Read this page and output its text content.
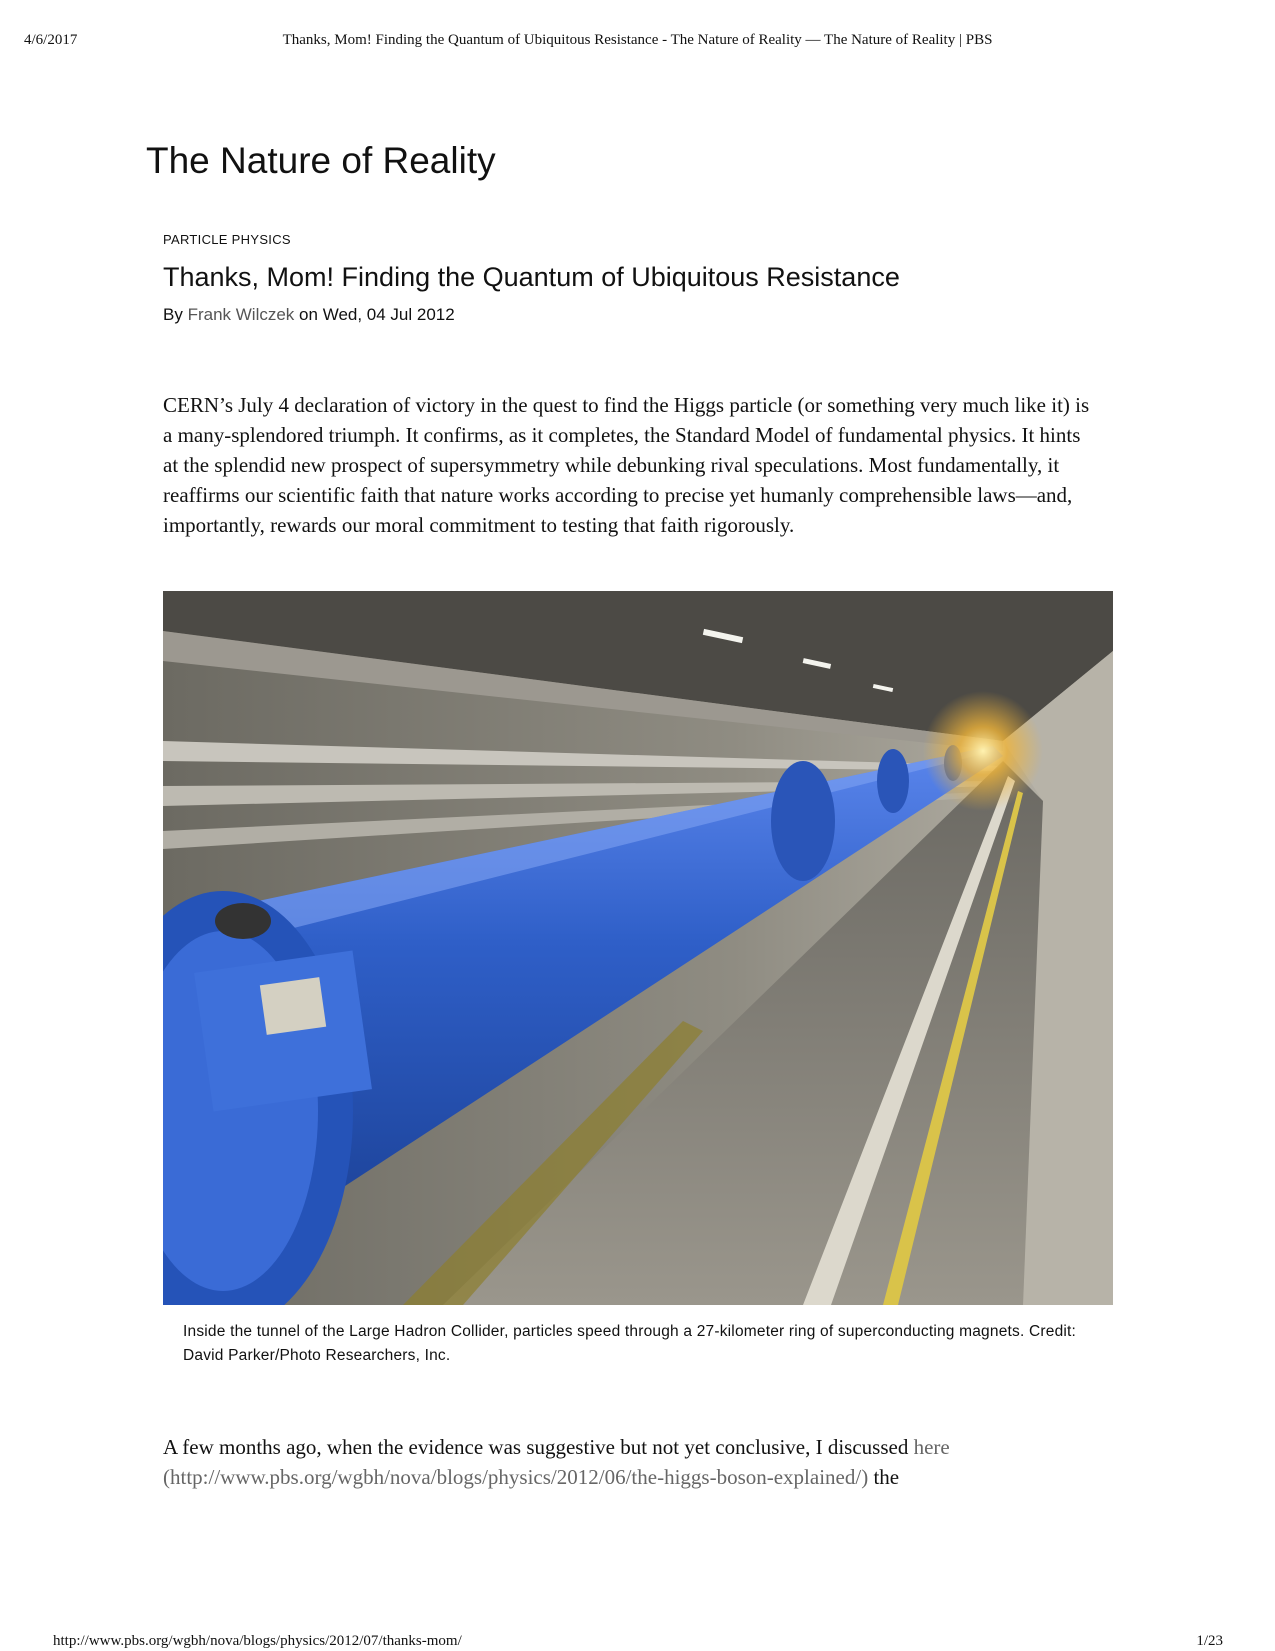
4/6/2017	Thanks, Mom! Finding the Quantum of Ubiquitous Resistance - The Nature of Reality — The Nature of Reality | PBS
The Nature of Reality
PARTICLE PHYSICS
Thanks, Mom! Finding the Quantum of Ubiquitous Resistance
By Frank Wilczek on Wed, 04 Jul 2012

CERN’s July 4 declaration of victory in the quest to find the Higgs particle (or something very much like it) is a many-splendored triumph. It confirms, as it completes, the Standard Model of fundamental physics. It hints at the splendid new prospect of supersymmetry while debunking rival speculations. Most fundamentally, it reaffirms our scientific faith that nature works according to precise yet humanly comprehensible laws—and, importantly, rewards our moral commitment to testing that faith rigorously.

Inside the tunnel of the Large Hadron Collider, particles speed through a 27-kilometer ring of superconducting magnets. Credit: David Parker/Photo Researchers, Inc.

A few months ago, when the evidence was suggestive but not yet conclusive, I discussed here (http://www.pbs.org/wgbh/nova/blogs/physics/2012/06/the-higgs-boson-explained/) the

http://www.pbs.org/wgbh/nova/blogs/physics/2012/07/thanks-mom/	1/23
